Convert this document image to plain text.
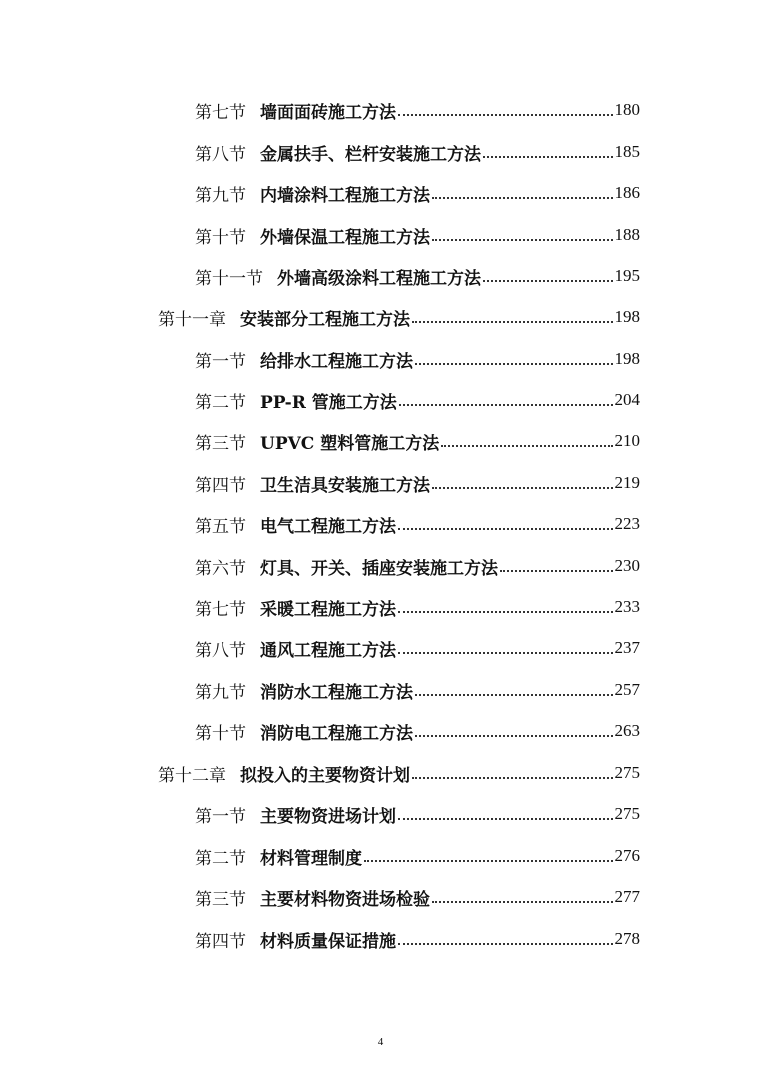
第七节 墙面面砖施工方法	180
第八节 金属扶手、栏杆安装施工方法	185
第九节 内墙涂料工程施工方法	186
第十节 外墙保温工程施工方法	188
第十一节 外墙高级涂料工程施工方法	195
第十一章 安装部分工程施工方法	198
第一节 给排水工程施工方法	198
第二节 PP-R 管施工方法	204
第三节 UPVC 塑料管施工方法	210
第四节 卫生洁具安装施工方法	219
第五节 电气工程施工方法	223
第六节 灯具、开关、插座安装施工方法	230
第七节 采暖工程施工方法	233
第八节 通风工程施工方法	237
第九节 消防水工程施工方法	257
第十节 消防电工程施工方法	263
第十二章 拟投入的主要物资计划	275
第一节 主要物资进场计划	275
第二节 材料管理制度	276
第三节 主要材料物资进场检验	277
第四节 材料质量保证措施	278
4
